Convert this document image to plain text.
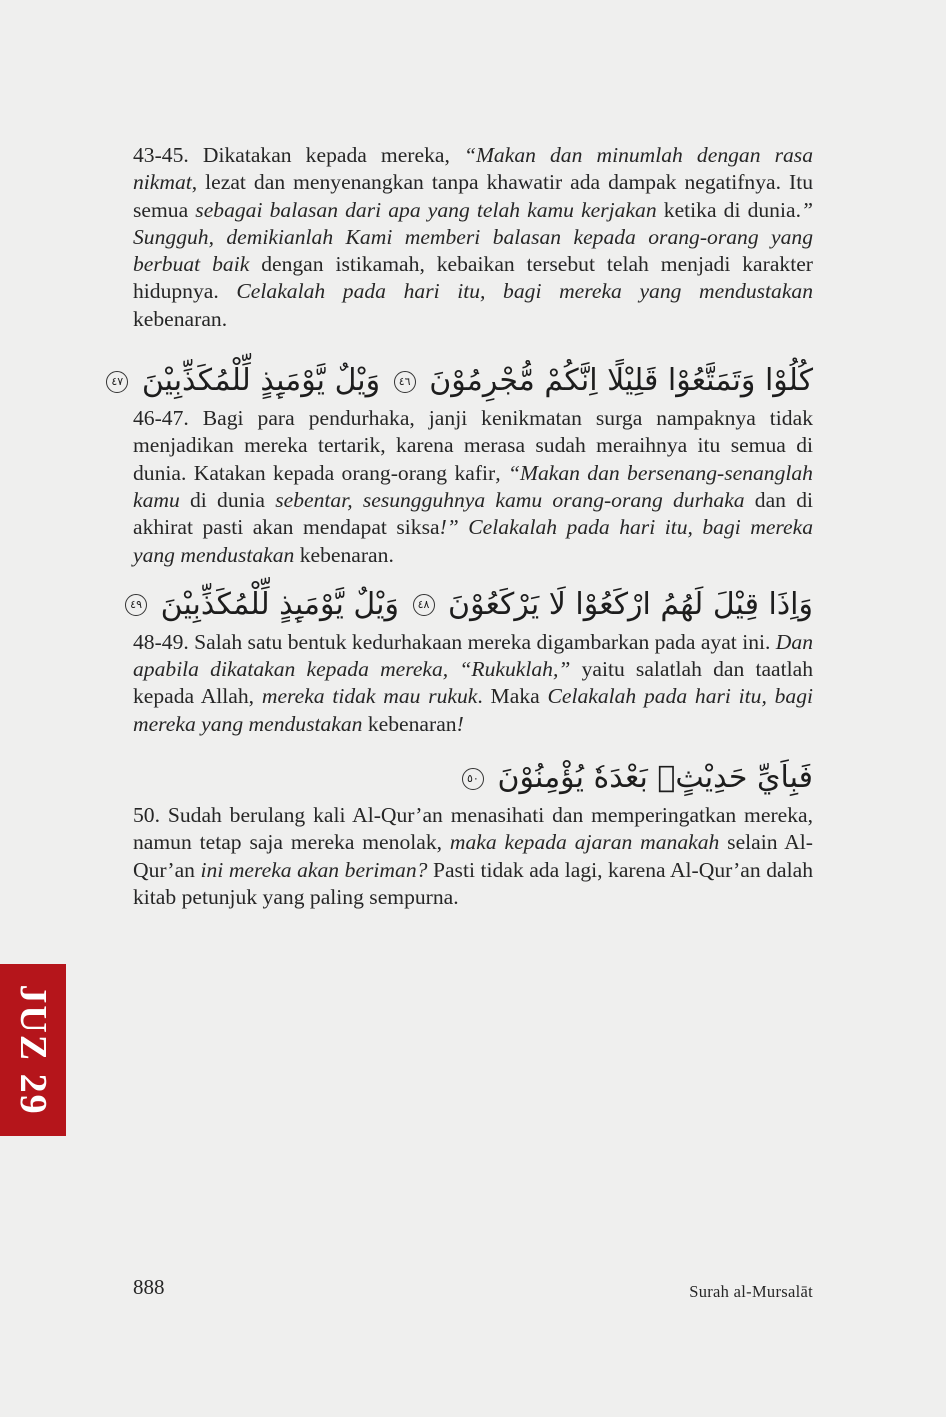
43-45. Dikatakan kepada mereka, “Makan dan minumlah dengan rasa nikmat, lezat dan menyenangkan tanpa khawatir ada dampak negatifnya. Itu semua sebagai balasan dari apa yang telah kamu kerjakan ketika di dunia.” Sungguh, demikianlah Kami memberi balasan kepada orang-orang yang berbuat baik dengan istikamah, kebaikan tersebut telah menjadi karakter hidupnya. Celakalah pada hari itu, bagi mereka yang mendustakan kebenaran.

كُلُوْا وَتَمَتَّعُوْا قَلِيْلًا اِنَّكُمْ مُّجْرِمُوْنَ ٤٦ وَيْلٌ يَّوْمَىِٕذٍ لِّلْمُكَذِّبِيْنَ ٤٧

46-47. Bagi para pendurhaka, janji kenikmatan surga nampaknya tidak menjadikan mereka tertarik, karena merasa sudah meraihnya itu semua di dunia. Katakan kepada orang-orang kafir, “Makan dan bersenang-senanglah kamu di dunia sebentar, sesungguhnya kamu orang-orang durhaka dan di akhirat pasti akan mendapat siksa!” Celakalah pada hari itu, bagi mereka yang mendustakan kebenaran.

وَاِذَا قِيْلَ لَهُمُ ارْكَعُوْا لَا يَرْكَعُوْنَ ٤٨ وَيْلٌ يَّوْمَىِٕذٍ لِّلْمُكَذِّبِيْنَ ٤٩

48-49. Salah satu bentuk kedurhakaan mereka digambarkan pada ayat ini. Dan apabila dikatakan kepada mereka, “Rukuklah,” yaitu salatlah dan taatlah kepada Allah, mereka tidak mau rukuk. Maka Celakalah pada hari itu, bagi mereka yang mendustakan kebenaran!

فَبِاَيِّ حَدِيْثٍۢ بَعْدَهٗ يُؤْمِنُوْنَ ٥٠

50. Sudah berulang kali Al-Qur’an menasihati dan memperingatkan mereka, namun tetap saja mereka menolak, maka kepada ajaran manakah selain Al-Qur’an ini mereka akan beriman? Pasti tidak ada lagi, karena Al-Qur’an dalah kitab petunjuk yang paling sempurna.

JUZ 29
888	Surah al-Mursalāt
